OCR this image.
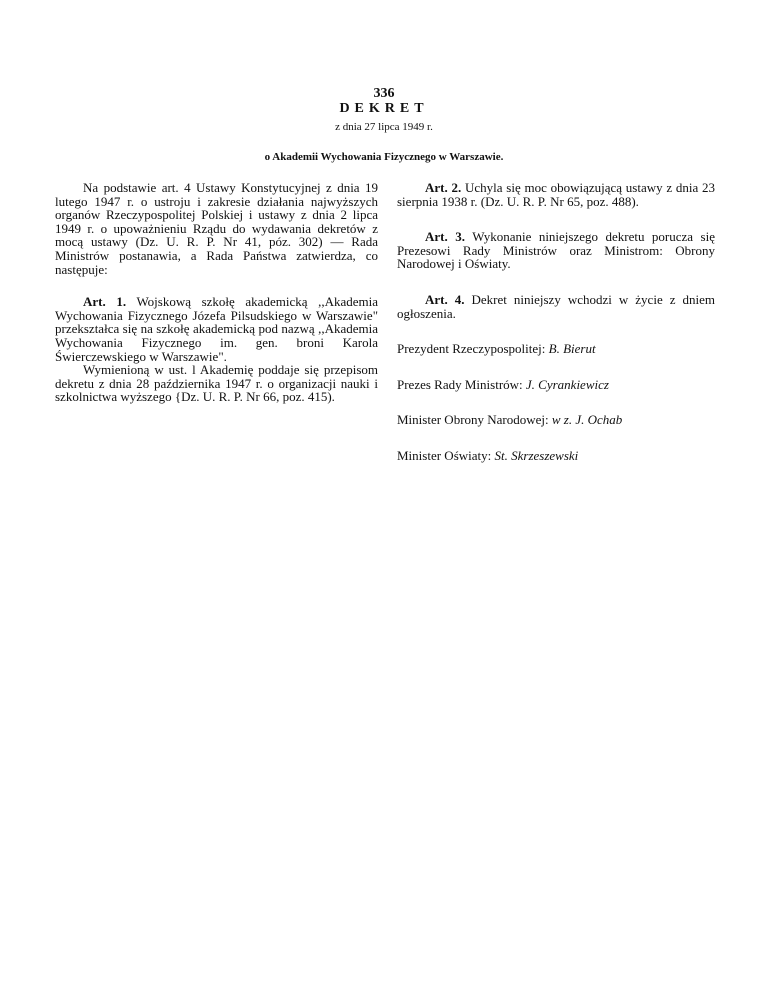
336
DEKRET
z dnia 27 lipca 1949 r.
o Akademii Wychowania Fizycznego w Warszawie.

Na podstawie art. 4 Ustawy Konstytucyjnej z dnia 19 lutego 1947 r. o ustroju i zakresie działania najwyższych organów Rzeczypospolitej Polskiej i ustawy z dnia 2 lipca 1949 r. o upoważnieniu Rządu do wydawania dekretów z mocą ustawy (Dz. U. R. P. Nr 41, póz. 302) — Rada Ministrów postanawia, a Rada Państwa zatwierdza, co następuje:

Art. 1. Wojskową szkołę akademicką ,,Akademia Wychowania Fizycznego Józefa Pilsudskiego w Warszawie" przekształca się na szkołę akademicką pod nazwą ,,Akademia Wychowania Fizycznego im. gen. broni Karola Świerczewskiego w Warszawie".

Wymienioną w ust. l Akademię poddaje się przepisom dekretu z dnia 28 października 1947 r. o organizacji nauki i szkolnictwa wyższego {Dz. U. R. P. Nr 66, poz. 415).

Art. 2. Uchyla się moc obowiązującą ustawy z dnia 23 sierpnia 1938 r. (Dz. U. R. P. Nr 65, poz. 488).

Art. 3. Wykonanie niniejszego dekretu porucza się Prezesowi Rady Ministrów oraz Ministrom: Obrony Narodowej i Oświaty.

Art. 4. Dekret niniejszy wchodzi w życie z dniem ogłoszenia.

Prezydent Rzeczypospolitej: B. Bierut

Prezes Rady Ministrów: J. Cyrankiewicz

Minister Obrony Narodowej: w z. J. Ochab

Minister Oświaty: St. Skrzeszewski
